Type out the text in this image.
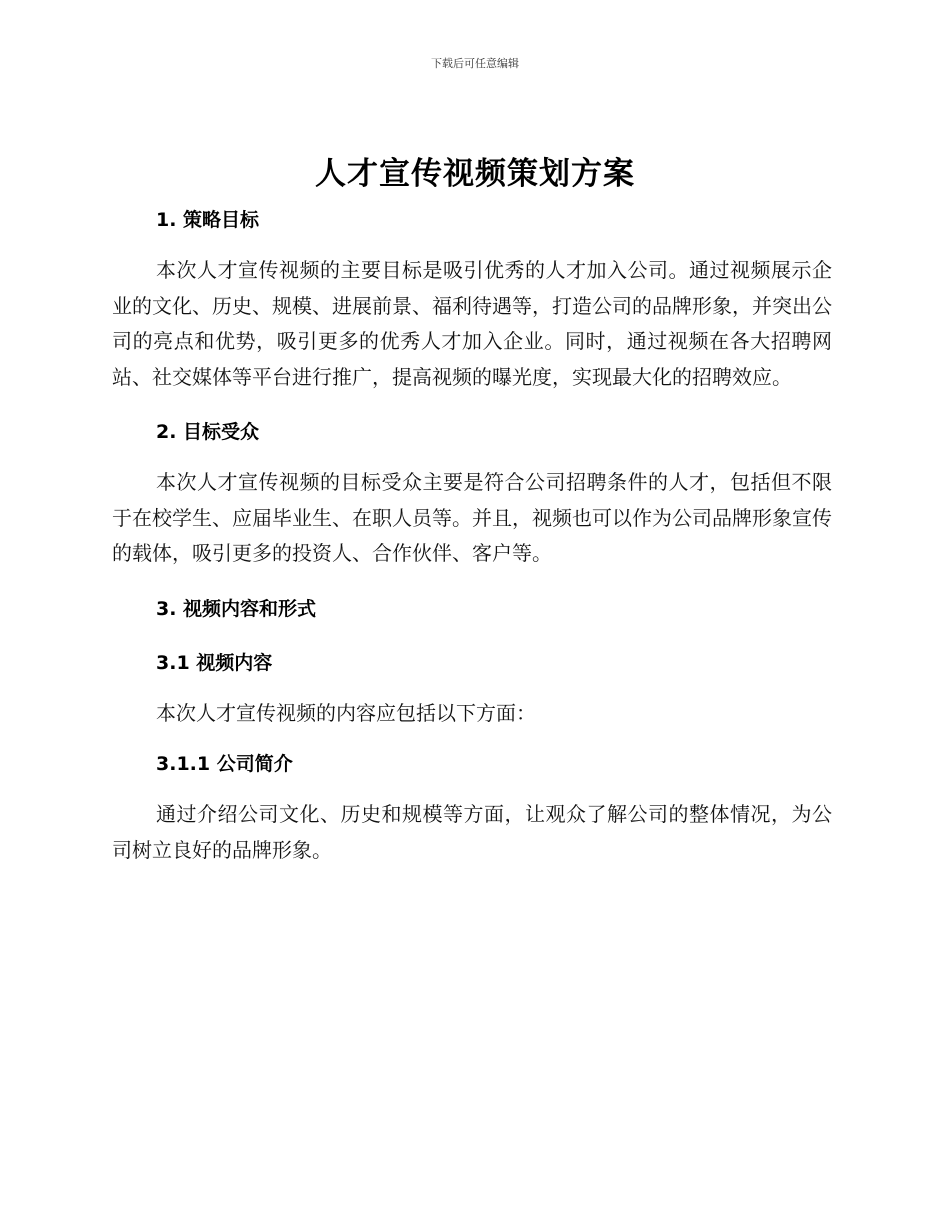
下载后可任意编辑
人才宣传视频策划方案
1. 策略目标
本次人才宣传视频的主要目标是吸引优秀的人才加入公司。通过视频展示企业的文化、历史、规模、进展前景、福利待遇等，打造公司的品牌形象，并突出公司的亮点和优势，吸引更多的优秀人才加入企业。同时，通过视频在各大招聘网站、社交媒体等平台进行推广，提高视频的曝光度，实现最大化的招聘效应。
2. 目标受众
本次人才宣传视频的目标受众主要是符合公司招聘条件的人才，包括但不限于在校学生、应届毕业生、在职人员等。并且，视频也可以作为公司品牌形象宣传的载体，吸引更多的投资人、合作伙伴、客户等。
3. 视频内容和形式
3.1 视频内容
本次人才宣传视频的内容应包括以下方面：
3.1.1 公司简介
通过介绍公司文化、历史和规模等方面，让观众了解公司的整体情况，为公司树立良好的品牌形象。
